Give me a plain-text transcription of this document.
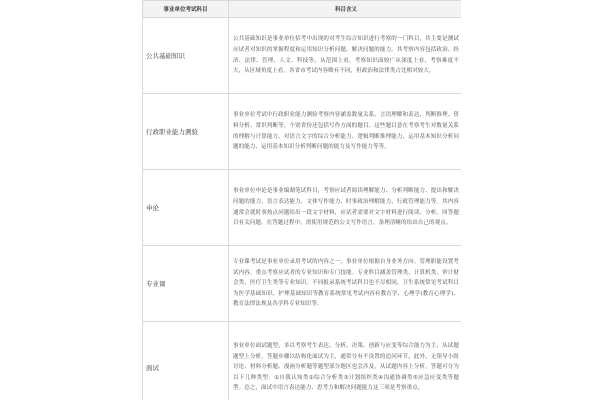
事业单位考试科目	科目含义
公共基础知识	公共基础知识是事业单位招考中出现的对考生综合知识进行考察的一门科目，其主要是测试应试者对知识的掌握程度和运用知识分析问题、解决问题的能力。其考察内容包括政治、经济、法律、管理、人文、科技等，从范围上看，考察知识面较广从深度上看，考察难度不大，从区域角度上看，各省市考试内容略有不同，但政治和法律类占比相对较大。

行政职业能力测验	事业单位考试中行政职业能力测验考察内容涵盖数量关系、言语理解和表达、判断推理、资料分析、常识判断等，个别省份还包括写作方面的题目。这些题目意在考察考生对数量关系的理解与计算能力、对语言文字的综合分析能力、逻辑判断推理能力、运用基本知识分析问题的能力、运用基本知识分析判断问题的能力及写作能力等等。

申论	事业单位申论是事业编制笔试科目，考察应试者阅读理解能力、分析判断能力、提出和解决问题的能力、语言表达能力、文体写作能力、时事政治理解能力、行政管理能力等。其内容通常会就时事热点问题给出一段文字材料，应试者需要对文字材料进行阅读、分析，回答题目有关问题。在答题过程中，需使用规范的公文写作语言，条理清晰的给出自己的观点。

专业课	专业课考试是事业单位录用考试的内容之一，事业单位根据自身业务方向、管理职能设置考试内容，重点考察应试者的专业知识和专门技能。专业科目涵盖管理类、计算机类、审计财会类、医疗卫生类等专业知识。不同报录系统考试科目也不尽相同，卫生系统常见考试科目为医学基础知识、护理基础知识等教育系统常见考试内容有教育学、心理学(教育心理学)、教育法律法规及各学科专业知识等。

面试	事业单位面试题型，多以考察考生表达、分析、决策、创新与应变等综合能力为主，从试题题型上分析，答题步骤以结构化面试为主，通常分有不设置的追问环节，此外，无领导小组讨论、材料分析题、漫画分析题等题型部分地区也会涉及，从试题内容上分析，答题可分为以下几种类型：①自我认知类②综合分析类③计划组织类④沟通协调类⑤应急应变类等题型。总之，面试中语言表达能力、思考力和解决问题能力这三项是考察重点。
